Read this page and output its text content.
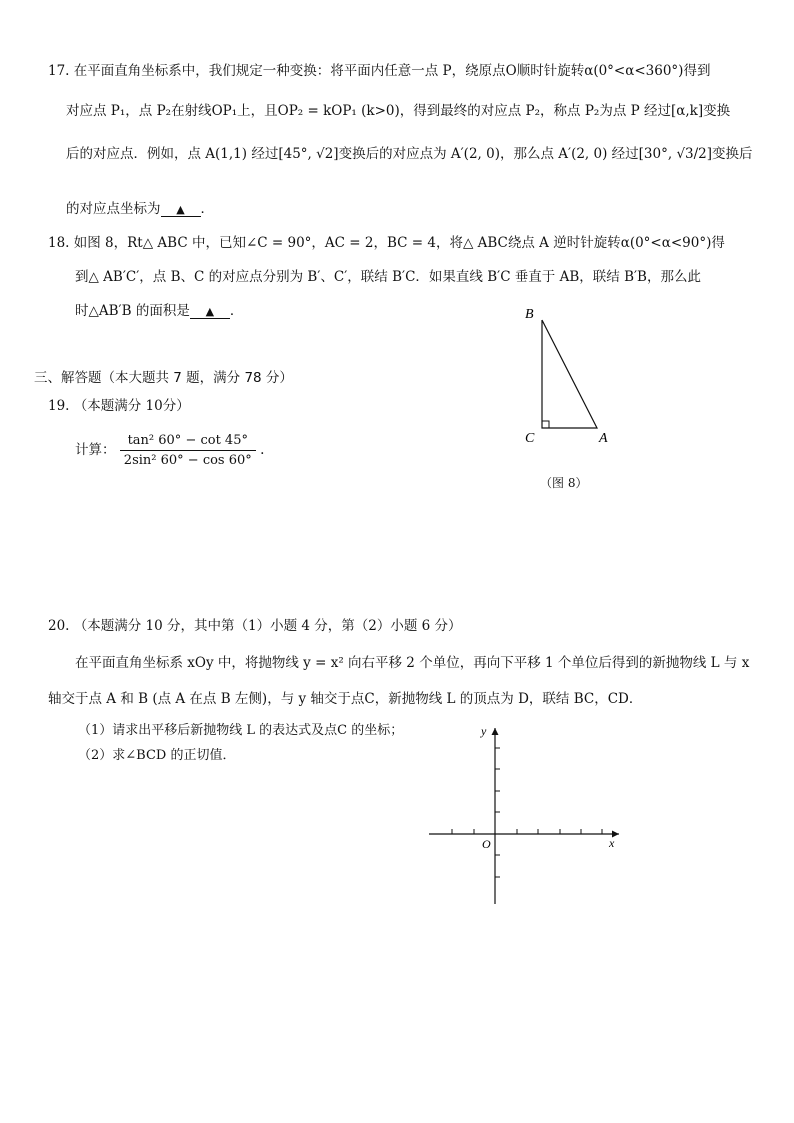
17. 在平面直角坐标系中，我们规定一种变换：将平面内任意一点 P，绕原点O顺时针旋转α(0°<α<360°)得到
对应点 P₁，点 P₂在射线OP₁上，且OP₂ = kOP₁ (k>0)，得到最终的对应点 P₂，称点 P₂为点 P 经过[α,k]变换
后的对应点．例如，点 A(1,1) 经过[45°, √2]变换后的对应点为 A′(2, 0)，那么点 A′(2, 0) 经过[30°, √3/2]变换后
的对应点坐标为 ▲ ．
18. 如图 8，Rt△ ABC 中，已知∠C = 90°，AC = 2，BC = 4，将△ ABC绕点 A 逆时针旋转α(0°<α<90°)得
到△ AB′C′，点 B、C 的对应点分别为 B′、C′，联结 B′C．如果直线 B′C 垂直于 AB，联结 B′B，那么此
时△AB′B 的面积是 ▲ ．	B
C	A
（图 8）
三、解答题（本大题共 7 题，满分 78 分）
19. （本题满分 10分）
计算： $\frac{\text{tan² 60° − cot 45°}}{\text{2sin² 60° − cos 60°}}$ .
20. （本题满分 10 分，其中第（1）小题 4 分，第（2）小题 6 分）
在平面直角坐标系 xOy 中，将抛物线 y = x² 向右平移 2 个单位，再向下平移 1 个单位后得到的新抛物线 L 与 x
轴交于点 A 和 B (点 A 在点 B 左侧)，与 y 轴交于点C，新抛物线 L 的顶点为 D，联结 BC，CD．
（1）请求出平移后新抛物线 L 的表达式及点C 的坐标；
（2）求∠BCD 的正切值．
y
x
O
